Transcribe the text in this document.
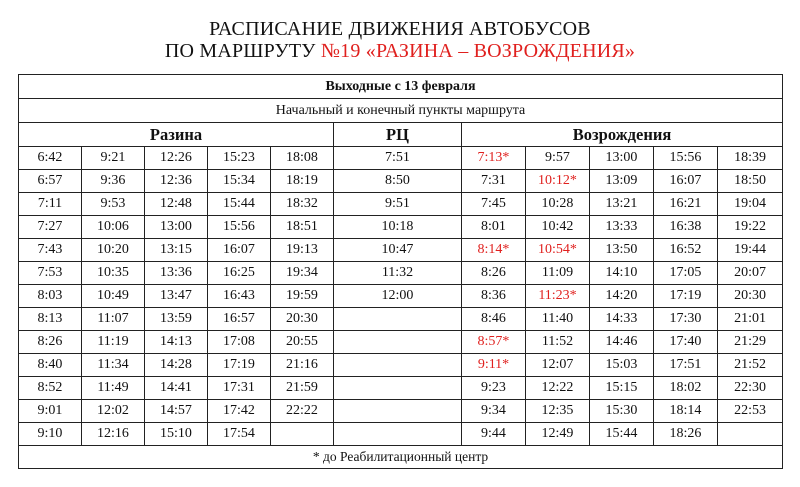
РАСПИСАНИЕ ДВИЖЕНИЯ АВТОБУСОВ
ПО МАРШРУТУ №19 «РАЗИНА – ВОЗРОЖДЕНИЯ»
Выходные с 13 февраля										
Начальный и конечный пункты маршрута										
Разина					РЦ	Возрождения				
6:42	9:21	12:26	15:23	18:08	7:51	7:13*	9:57	13:00	15:56	18:39
6:57	9:36	12:36	15:34	18:19	8:50	7:31	10:12*	13:09	16:07	18:50
7:11	9:53	12:48	15:44	18:32	9:51	7:45	10:28	13:21	16:21	19:04
7:27	10:06	13:00	15:56	18:51	10:18	8:01	10:42	13:33	16:38	19:22
7:43	10:20	13:15	16:07	19:13	10:47	8:14*	10:54*	13:50	16:52	19:44
7:53	10:35	13:36	16:25	19:34	11:32	8:26	11:09	14:10	17:05	20:07
8:03	10:49	13:47	16:43	19:59	12:00	8:36	11:23*	14:20	17:19	20:30
8:13	11:07	13:59	16:57	20:30		8:46	11:40	14:33	17:30	21:01
8:26	11:19	14:13	17:08	20:55		8:57*	11:52	14:46	17:40	21:29
8:40	11:34	14:28	17:19	21:16		9:11*	12:07	15:03	17:51	21:52
8:52	11:49	14:41	17:31	21:59		9:23	12:22	15:15	18:02	22:30
9:01	12:02	14:57	17:42	22:22		9:34	12:35	15:30	18:14	22:53
9:10	12:16	15:10	17:54			9:44	12:49	15:44	18:26	
* до Реабилитационный центр										
